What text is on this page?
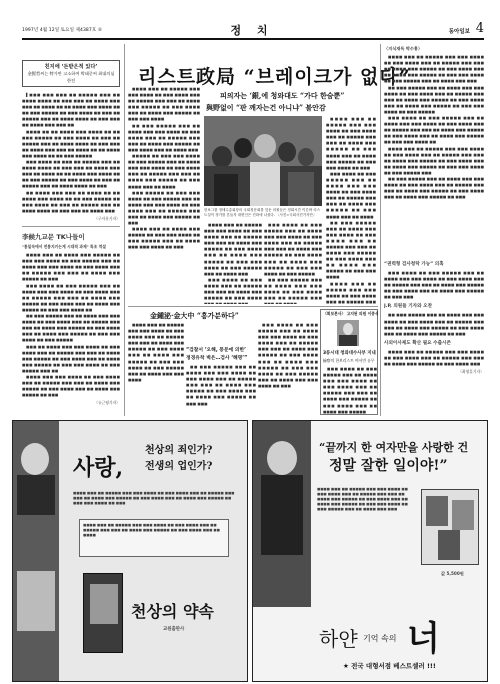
1997년 4월 12일 토요일 제4387호 ⑤	정 치	동아일보 4
친지에 ‘돈받은적 있다’
金賢哲씨는 特가만 고소하여 박태중씨 최대의심 한전

▌■■■ ■■■ ■■■ ■■ ■■■■■ ■■■ ■■ ■■■■ ■■■■ ■■ ■■■ ■■■ ■■ ■■■■ ■■■ ■■■ ■■ ■■■■ ■■ ■■ ■■■■ ■■■ ■■■■ ■■ ■■ ■■■ ■■■■■ ■■ ■■■ ■■■■ ■■ ■■■ ■■ ■■■■■ ■■■ ■■ ■■■■ ■■■■ ■■ ■■■ ■■■ ■■ ■■■■ ■■■ ■■■ ■■

■■■■ ■■ ■■ ■■■■ ■■■ ■■■■ ■■ ■■ ■■■ ■■■■■ ■■ ■■■ ■■■■ ■■ ■■■ ■■ ■■■■■ ■■■ ■■ ■■■■ ■■■■ ■■ ■■■ ■■■ ■■ ■■■■ ■■■ ■■■ ■■ ■■■■ ■■ ■■ ■■■■ ■■■ ■■■■ ■■ ■■ ■■■ ■■■■■

■■■ ■■■■ ■■ ■■■ ■■ ■■■■■ ■■■ ■■ ■■■■ ■■■■ ■■ ■■■ ■■■ ■■ ■■■■ ■■■ ■■■ ■■ ■■■■ ■■ ■■ ■■■■ ■■■ ■■■■ ■■ ■■ ■■■ ■■■■■ ■■ ■■■ ■■■■ ■■ ■■■ ■■ ■■■■■ ■■■ ■■ ■■■■ ■■■■ ■■ ■■■

■■ ■■■■ ■■■ ■■■ ■■ ■■■■ ■■ ■■ ■■■■ ■■■ ■■■■ ■■ ■■ ■■■ ■■■■■ ■■ ■■■ ■■■■ ■■ ■■■ ■■ ■■■■■ ■■■ ■■ ■■■■ ■■■■ ■■ ■■■ ■■■ ■■ ■■■■ ■■■

〈구자룡기자〉
李候九교문 TK나들이
"통일속에서 전통지키는게 시대적 과제" 특조 역설

■■■■ ■■■ ■■ ■■■■ ■■■ ■■■■■ ■■ ■■■ ■■■ ■■■■ ■■ ■■■ ■■■■■ ■■■ ■■ ■■■■ ■■■ ■■■ ■■■■ ■■ ■■■ ■■■■ ■■■ ■■ ■■■■■ ■■■ ■■■ ■■ ■■■■ ■■■ ■■■■■ ■■ ■■■

■■■ ■■■■ ■■ ■■■ ■■■■■ ■■■ ■■ ■■■■ ■■■ ■■■ ■■■■ ■■ ■■■ ■■■■ ■■■ ■■ ■■■■■ ■■■ ■■■ ■■ ■■■■ ■■■ ■■■■■ ■■ ■■■ ■■■■ ■■■ ■■ ■■■■ ■■■ ■■■■■ ■■ ■■■ ■■■ ■■■■ ■■

■■ ■■■ ■■■■■ ■■■ ■■ ■■■■ ■■■ ■■■ ■■■■ ■■ ■■■ ■■■■ ■■■ ■■ ■■■■■ ■■■ ■■■ ■■ ■■■■ ■■■ ■■■■■ ■■ ■■■ ■■■■ ■■■ ■■ ■■■■ ■■■ ■■■■■ ■■ ■■■ ■■■ ■■■■ ■■ ■■■ ■■■■■

■■■ ■■ ■■■■ ■■■ ■■■ ■■■■ ■■ ■■■ ■■■■ ■■■ ■■ ■■■■■ ■■■ ■■■ ■■ ■■■■ ■■■ ■■■■■ ■■ ■■■ ■■■■ ■■■ ■■ ■■■■ ■■■ ■■■■■ ■■ ■■■ ■■■ ■■■■ ■■ ■■■ ■■■■■ ■■■ ■■

■■■■ ■■■ ■■■ ■■■■ ■■ ■■■ ■■■■ ■■■ ■■ ■■■■■ ■■■ ■■■ ■■ ■■■■ ■■■ ■■■■■ ■■ ■■■ ■■■■ ■■■ ■■ ■■■■ ■■■ ■■■■■ ■■ ■■■

〈유근평기자〉
리스트政局 “브레이크가 없다”
피의자는 ‘銀,에 청와대도 “가다 한숨뿐”
與野없이 “판 깨자는건 아니냐” 불안감

■■■■ ■■■ ■■ ■■■■■ ■■■ ■■■ ■■■■ ■■ ■■■ ■■■■ ■■■ ■■ ■■■■■ ■■■ ■■■ ■■ ■■■■ ■■■ ■■■■■ ■■ ■■■ ■■■■ ■■■ ■■ ■■■■ ■■■ ■■■■■ ■■ ■■■ ■■■ ■■■■

■■ ■■■ ■■■■■ ■■■ ■■ ■■■■ ■■■ ■■■ ■■■■ ■■ ■■■ ■■■■ ■■■ ■■ ■■■■■ ■■■ ■■■ ■■ ■■■■ ■■■ ■■■■■ ■■ ■■■ ■■■■ ■■■ ■■ ■■■■ ■■■

■■■■■ ■■ ■■■ ■■■ ■■■■ ■■ ■■■ ■■■■■ ■■■ ■■ ■■■■ ■■■ ■■■ ■■■■ ■■ ■■■ ■■■■ ■■■ ■■ ■■■■■ ■■■ ■■■ ■■ ■■■■ ■■■ ■■■■■ ■■ ■■■ ■■■■ ■■■ ■■ ■■■■

■■■ ■■■■■ ■■ ■■■ ■■■ ■■■■ ■■ ■■■ ■■■■■ ■■■ ■■ ■■■■ ■■■ ■■■ ■■■■ ■■ ■■■ ■■■■ ■■■ ■■ ■■■■■ ■■■ ■■■ ■■ ■■■■ ■■■ ■■■■■ ■■ ■■■

■■■■ ■■■ ■■ ■■■■ ■■■ ■■■■■ ■■ ■■■ ■■■ ■■■■ ■■ ■■■ ■■■■■ ■■■ ■■ ■■■■ ■■■ ■■■ ■■■■ ■■ ■■■

한보그룹 정태수총회장의 국회청문회를 앞둔 의원들은 정회시간 이른바 리스트설이 정가를 흔들자 대변인은 진화에 나섰다. 〈사진=국회사진기자단〉

■■■■ ■■■ ■■ ■■■■■ ■■■ ■■■ ■■■■ ■■ ■■■ ■■■■ ■■■ ■■ ■■■■■ ■■■ ■■■ ■■ ■■■■ ■■■ ■■■■■ ■■ ■■■ ■■■■ ■■■ ■■ ■■■■ ■■■ ■■■■■ ■■ ■■■ ■■■ ■■■■ ■■ ■■■ ■■■■■ ■■■ ■■ ■■■■ ■■■

■■■ ■■■■ ■■ ■■■ ■■■■ ■■■ ■■ ■■■■■ ■■■ ■■■ ■■ ■■■■ ■■■ ■■■■■ ■■ ■■■ ■■■■

■■■ ■■■■ ■■ ■■■ ■■■■■ ■■■ ■■ ■■■■ ■■■ ■■■ ■■■■ ■■ ■■■ ■■■■ ■■■ ■■ ■■■■■ ■■■ ■■■ ■■ ■■■■ ■■■ ■■■■■ ■■ ■■■ ■■■■ ■■■ ■■ ■■■■ ■■■ ■■■■■ ■■ ■■■ ■■■ ■■■■ ■■ ■■■ ■■■■■

■■ ■■■ ■■■■■ ■■■ ■■ ■■■■ ■■■ ■■■ ■■■■ ■■ ■■■ ■■■■ ■■■ ■■ ■■■■■ ■■■

■■■■ ■■■ ■■ ■■■■■ ■■■ ■■■ ■■■■ ■■ ■■■ ■■■■ ■■■ ■■ ■■■■■ ■■■ ■■■ ■■ ■■■■ ■■■ ■■■■■ ■■ ■■■ ■■■■ ■■■ ■■ ■■■■ ■■■ ■■■■■ ■■ ■■■ ■■■ ■■■■ ■■ ■■■

■■■ ■■■■ ■■ ■■■ ■■■■■ ■■■ ■■ ■■■■ ■■■ ■■■ ■■■■ ■■ ■■■ ■■■■ ■■■ ■■ ■■■■■ ■■■ ■■■ ■■ ■■■■ ■■■ ■■■■■ ■■ ■■■ ■■■■ ■■■ ■■ ■■■■

■■ ■■■ ■■■■■ ■■■ ■■ ■■■■ ■■■ ■■■ ■■■■ ■■ ■■■ ■■■■ ■■■ ■■ ■■■■■ ■■■ ■■■ ■■ ■■■■ ■■■ ■■■■■ ■■ ■■■ ■■■■ ■■■ ■■ ■■■■ ■■■ ■■■■■ ■■ ■■■ ■■■ ■■■■

■■■■ ■■■ ■■ ■■■■■ ■■■ ■■■ ■■■■ ■■ ■■■ ■■■■ ■■■ ■■ ■■■■■ ■■■

〈지식재독 박수홍〉

■■■■ ■■■ ■■ ■■■■■ ■■■ ■■■ ■■■■ ■■ ■■■ ■■■■ ■■■ ■■ ■■■■■ ■■■ ■■■ ■■ ■■■■ ■■■ ■■■■■ ■■ ■■■ ■■■■ ■■■ ■■ ■■■■ ■■■ ■■■■■ ■■ ■■■ ■■■ ■■■■ ■■ ■■■ ■■■■■ ■■■ ■■ ■■■■ ■■■ ■■■

■■ ■■■ ■■■■■ ■■■ ■■ ■■■■ ■■■ ■■■ ■■■■ ■■ ■■■ ■■■■ ■■■ ■■ ■■■■■ ■■■ ■■■ ■■ ■■■■ ■■■ ■■■■■ ■■ ■■■ ■■■■ ■■■ ■■ ■■■■ ■■■ ■■■■■ ■■ ■■■ ■■■ ■■■■ ■■ ■■■ ■■■■■

■■■ ■■■■ ■■ ■■■ ■■■■■ ■■■ ■■ ■■■■ ■■■ ■■■ ■■■■ ■■ ■■■ ■■■■ ■■■ ■■ ■■■■■ ■■■ ■■■ ■■ ■■■■ ■■■ ■■■■■ ■■ ■■■ ■■■■ ■■■ ■■ ■■■■ ■■■ ■■■■■ ■■ ■■■ ■■■ ■■■■ ■■

■■■■ ■■■ ■■ ■■■■■ ■■■ ■■■ ■■■■ ■■ ■■■ ■■■■ ■■■ ■■ ■■■■■ ■■■ ■■■ ■■ ■■■■ ■■■ ■■■■■ ■■ ■■■ ■■■■ ■■■ ■■ ■■■■ ■■■ ■■■■■ ■■ ■■■ ■■■ ■■■■ ■■ ■■■ ■■■■■ ■■■

■■ ■■■ ■■■■■ ■■■ ■■ ■■■■ ■■■ ■■■ ■■■■ ■■ ■■■ ■■■■ ■■■ ■■ ■■■■■ ■■■ ■■■ ■■ ■■■■ ■■■ ■■■■■ ■■ ■■■ ■■■■ ■■■ ■■ ■■■■ ■■■ ■■■■■ ■■ ■■■

“권력형 검사청탁 가능” 의혹

■■■ ■■■■ ■■ ■■■ ■■■■■ ■■■ ■■ ■■■■ ■■■ ■■■ ■■■■ ■■ ■■■ ■■■■ ■■■ ■■ ■■■■■ ■■■ ■■■ ■■ ■■■■ ■■■ ■■■■■ ■■ ■■■ ■■■■ ■■■ ■■ ■■■■ ■■■ ■■■■■ ■■ ■■■ ■■■

J.P, 의원들 기자와 오찬

■■ ■■■ ■■■■■ ■■■ ■■ ■■■■ ■■■ ■■■ ■■■■ ■■ ■■■ ■■■■ ■■■ ■■ ■■■■■ ■■■ ■■■ ■■ ■■■■ ■■■ ■■■■■ ■■ ■■■ ■■■■ ■■■ ■■ ■■■■ ■■■ ■■■■■ ■■ ■■■

사외이사제도 확산 필요 수출시즌

■■■■ ■■■ ■■ ■■■■■ ■■■ ■■■ ■■■■ ■■ ■■■ ■■■■ ■■■ ■■ ■■■■■ ■■■ ■■■ ■■ ■■■■ ■■■ ■■■■■ ■■ ■■■ ■■■■ ■■■

〈최영훈기자〉
金鍾泌·金大中 “흥가분하다”
“검찰서 ‘오해, 풍문에 의한’
정경유착 벽은…검사 ‘해명’”

■■■■ ■■■ ■■ ■■■■■ ■■■ ■■■ ■■■■ ■■ ■■■ ■■■■ ■■■ ■■ ■■■■■ ■■■ ■■■ ■■ ■■■■ ■■■ ■■■■■ ■■ ■■■ ■■■■ ■■■ ■■ ■■■■ ■■■ ■■■■■ ■■ ■■■ ■■■ ■■■■ ■■ ■■■ ■■■■■ ■■■ ■■ ■■■■ ■■■ ■■■ ■■■■

■■ ■■■ ■■■■■ ■■■ ■■ ■■■■ ■■■ ■■■ ■■■■ ■■ ■■■ ■■■■ ■■■ ■■ ■■■■■ ■■■ ■■■ ■■ ■■■■ ■■■ ■■■■■ ■■ ■■■ ■■■■ ■■■ ■■ ■■■■ ■■■ ■■■■■ ■■ ■■■ ■■■

■■■ ■■■■ ■■ ■■■ ■■■■■ ■■■ ■■ ■■■■ ■■■ ■■■ ■■■■ ■■ ■■■ ■■■■ ■■■ ■■ ■■■■■ ■■■ ■■■ ■■ ■■■■ ■■■ ■■■■■ ■■ ■■■ ■■■■ ■■■ ■■ ■■■■ ■■■ ■■■■■ ■■ ■■■ ■■■ ■■■■ ■■ ■■■ ■■■■■ ■■■ ■■ ■■■■ ■■■ ■■■ ■■■■ ■■ ■■■

〈회보본사〉 고지된 의원 이종식
3류시대 청와대수사부 지내
檢察의 한보리스트 여서만 유무

■■■ ■■■■ ■■ ■■■ ■■■■■ ■■■ ■■ ■■■■ ■■■ ■■■ ■■■■ ■■ ■■■ ■■■■ ■■■ ■■ ■■■■■ ■■■ ■■■ ■■ ■■■■ ■■■ ■■■■■ ■■ ■■■ ■■■■ ■■■ ■■ ■■■■ ■■■ ■■■■■

사랑,
천상의 죄인가?
전생의 업인가?
■■■■ ■■■ ■■ ■■■■■ ■■■ ■■■ ■■■■ ■■ ■■■ ■■■■ ■■■ ■■ ■■■■■ ■■■ ■■■ ■■ ■■■■ ■■■ ■■■■■ ■■ ■■■ ■■■■ ■■■ ■■ ■■■■ ■■■ ■■■■■ ■■ ■■■ ■■■ ■■■■ ■■ ■■■
■■■■ ■■■ ■■ ■■■■■ ■■■ ■■■ ■■■■ ■■ ■■■ ■■■■ ■■■ ■■ ■■■■■ ■■■ ■■■ ■■ ■■■■ ■■■ ■■■■■ ■■ ■■■ ■■■■ ■■■ ■■ ■■■■
천상의 약속
교원출판사
“끝까지 한 여자만을 사랑한 건
정말 잘한 일이야!”
■■■■ ■■■ ■■ ■■■■■ ■■■ ■■■ ■■■■ ■■ ■■■ ■■■■ ■■■ ■■ ■■■■■ ■■■ ■■■ ■■ ■■■■ ■■■ ■■■■■ ■■ ■■■ ■■■■ ■■■ ■■ ■■■■ ■■■ ■■■■■ ■■ ■■■ ■■■ ■■■■ ■■ ■■■ ■■■■■ ■■■ ■■ ■■■■ ■■■ ■■■
값 5,500원
하얀 기억 속의 너
★ 전국 대형서점 베스트셀러 !!!
